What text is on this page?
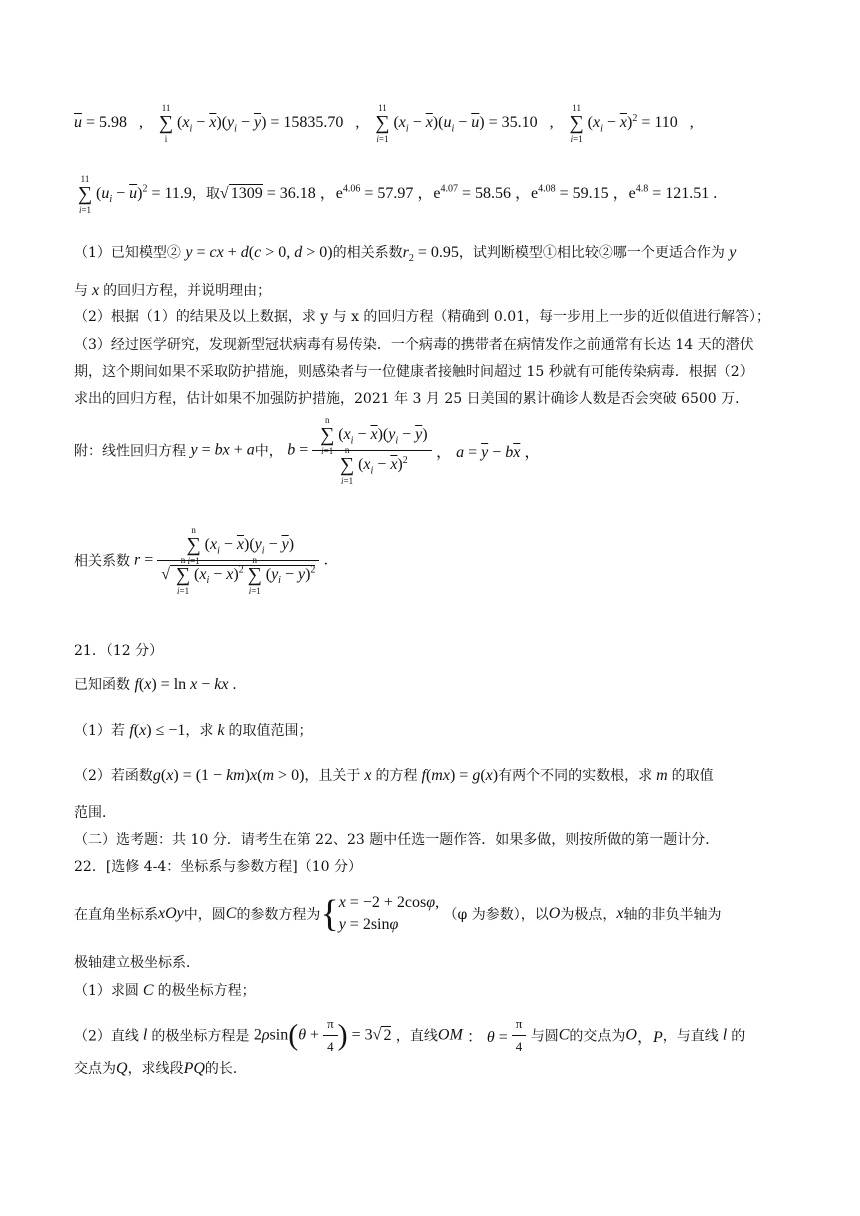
$\overline{u} = 5.98$   ,   ∑
11
i
$(x_i - \overline{x})(y_i - \overline{y}) = 15835.70$   ,   ∑
11
i=1
$(x_i - \overline{x})(u_i - \overline{u}) = 35.10$   ,   ∑
11
i=1
$(x_i - \overline{x})^2 = 110$   ,
∑
11
i=1
$(u_i - \overline{u})^2 = 11.9$，取√ 1309 = 36.18 ，$e^{4.06} = 57.97$ ，$e^{4.07} = 58.56$ ，$e^{4.08} = 59.15$ ，$e^{4.8} = 121.51$ .
（1）已知模型② y = cx + d(c > 0, d > 0)的相关系数$r_2 = 0.95$，试判断模型①相比较②哪一个更适合作为 y
与 x 的回归方程，并说明理由；
（2）根据（1）的结果及以上数据，求 y 与 x 的回归方程（精确到 0.01，每一步用上一步的近似值进行解答）；
（3）经过医学研究，发现新型冠状病毒有易传染．一个病毒的携带者在病情发作之前通常有长达 14 天的潜伏
期，这个期间如果不采取防护措施，则感染者与一位健康者接触时间超过 15 秒就有可能传染病毒．根据（2）
求出的回归方程，估计如果不加强防护措施，2021 年 3 月 25 日美国的累计确诊人数是否会突破 6500 万．
附：线性回归方程 y = bx + a中， b = ∑
n
i=1
$(x_i - \overline{x})(y_i - \overline{y})$
∑
n
i=1
$(x_i - \overline{x})^2$ ， $a = \overline{y} - b\overline{x}$ ，
相关系数 r = ∑
n
i=1
$(x_i - \overline{x})(y_i - \overline{y})$
√ ∑
n
i=1
$(x_i - \overline{x})^2$ ∑
n
i=1
$(y_i - \overline{y})^2$ .
21．（12 分）
已知函数 f(x) = ln x − kx .
（1）若 f(x) ≤ −1，求 k 的取值范围；
（2）若函数g(x) = (1 − km)x(m > 0)，且关于 x 的方程 f(mx) = g(x)有两个不同的实数根，求 m 的取值
范围．
（二）选考题：共 10 分．请考生在第 22、23 题中任选一题作答．如果多做，则按所做的第一题计分．
22．[选修 4-4：坐标系与参数方程]（10 分）
在直角坐标系xOy中，圆C的参数方程为{x = −2 + 2cosφ,
y = 2sinφ （φ 为参数），以O为极点，x轴的非负半轴为
极轴建立极坐标系．
（1）求圆 C 的极坐标方程；
（2）直线 l 的极坐标方程是 $2\rho\sin(\theta + \frac{\pi}{4}$ ) = 3√ 2 ，直线OM ： $\theta = \frac{\pi}{4}$ 与圆C的交点为O，P，与直线 l 的
交点为Q，求线段PQ的长．
